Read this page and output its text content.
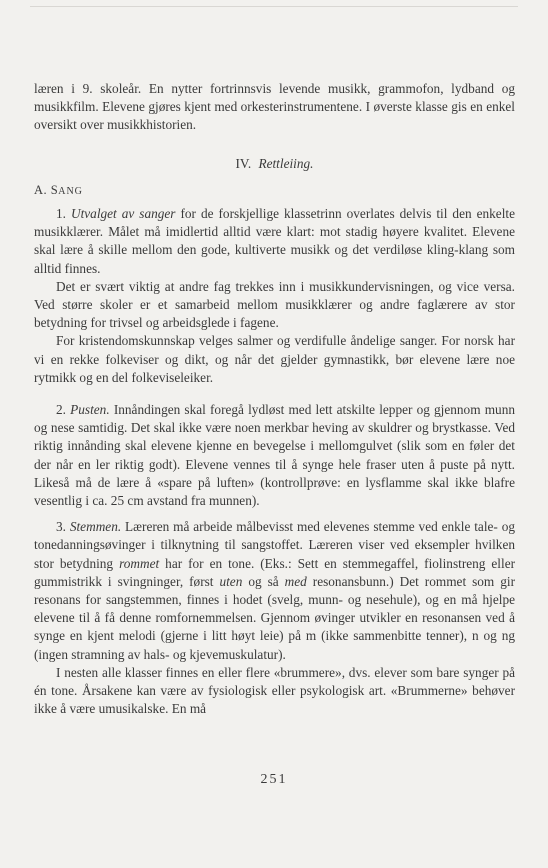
læren i 9. skoleår. En nytter fortrinnsvis levende musikk, grammofon, lydband og musikkfilm. Elevene gjøres kjent med orkesterinstrumentene. I øverste klasse gis en enkel oversikt over musikkhistorien.

IV. Rettleiing.
A. SANG

1. Utvalget av sanger for de forskjellige klassetrinn overlates delvis til den enkelte musikklærer. Målet må imidlertid alltid være klart: mot stadig høyere kvalitet. Elevene skal lære å skille mellom den gode, kultiverte musikk og det verdiløse kling-klang som alltid finnes.

Det er svært viktig at andre fag trekkes inn i musikkundervisningen, og vice versa. Ved større skoler er et samarbeid mellom musikklærer og andre faglærere av stor betydning for trivsel og arbeidsglede i fagene.

For kristendomskunnskap velges salmer og verdifulle åndelige sanger. For norsk har vi en rekke folkeviser og dikt, og når det gjelder gymnastikk, bør elevene lære noe rytmikk og en del folkeviseleiker.

2. Pusten. Innåndingen skal foregå lydløst med lett atskilte lepper og gjennom munn og nese samtidig. Det skal ikke være noen merkbar heving av skuldrer og brystkasse. Ved riktig innånding skal elevene kjenne en bevegelse i mellomgulvet (slik som en føler det der når en ler riktig godt). Elevene vennes til å synge hele fraser uten å puste på nytt. Likeså må de lære å «spare på luften» (kontrollprøve: en lysflamme skal ikke blafre vesentlig i ca. 25 cm avstand fra munnen).

3. Stemmen. Læreren må arbeide målbevisst med elevenes stemme ved enkle tale- og tonedanningsøvinger i tilknytning til sangstoffet. Læreren viser ved eksempler hvilken stor betydning rommet har for en tone. (Eks.: Sett en stemmegaffel, fiolinstreng eller gummistrikk i svingninger, først uten og så med resonansbunn.) Det rommet som gir resonans for sangstemmen, finnes i hodet (svelg, munn- og nesehule), og en må hjelpe elevene til å få denne romfornemmelsen. Gjennom øvinger utvikler en resonansen ved å synge en kjent melodi (gjerne i litt høyt leie) på m (ikke sammenbitte tenner), n og ng (ingen stramning av hals- og kjevemuskulatur).

I nesten alle klasser finnes en eller flere «brummere», dvs. elever som bare synger på én tone. Årsakene kan være av fysiologisk eller psykologisk art. «Brummerne» behøver ikke å være umusikalske. En må

251
